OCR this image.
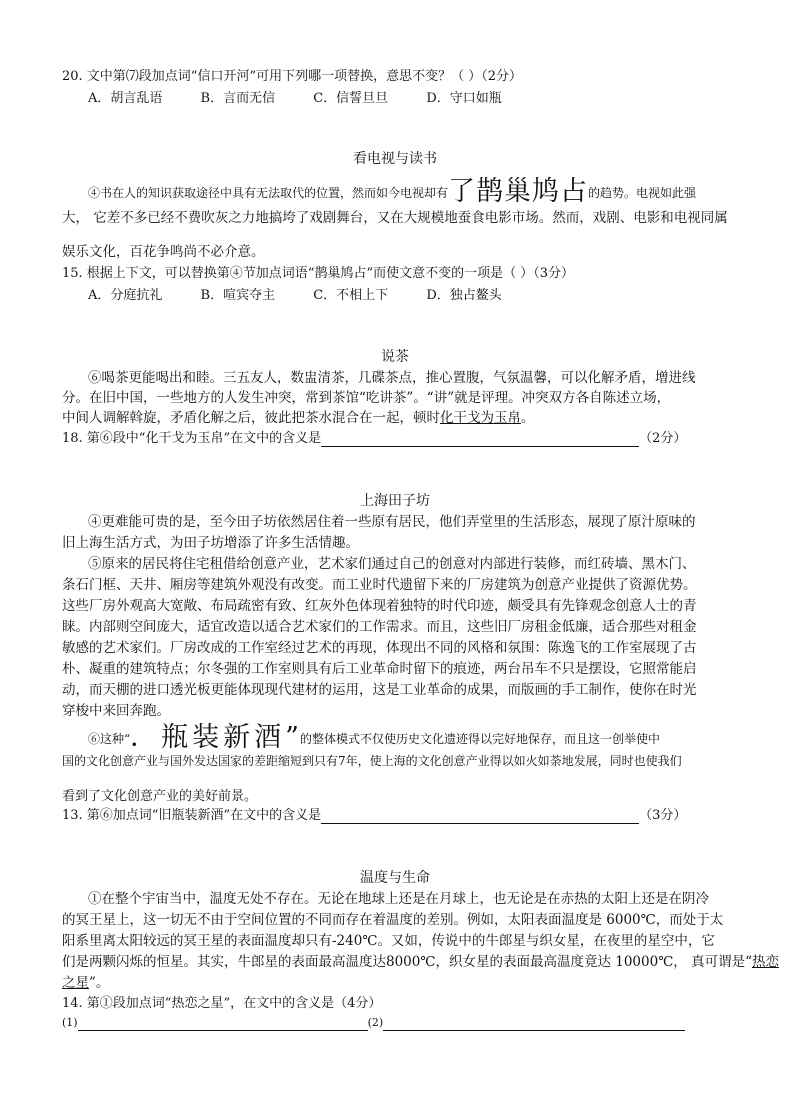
20. 文中第⑺段加点词“信口开河”可用下列哪一项替换，意思不变？（ ）（2分）
A．胡言乱语	B．言而无信	C．信誓旦旦	D．守口如瓶
看电视与读书
④书在人的知识获取途径中具有无法取代的位置，然而如今电视却有了鹊巢鸠占的趋势。电视如此强
大， 它差不多已经不费吹灰之力地搞垮了戏剧舞台，又在大规模地蚕食电影市场。然而，戏剧、电影和电视同属
娱乐文化，百花争鸣尚不必介意。
15. 根据上下文，可以替换第④节加点词语“鹊巢鸠占”而使文意不变的一项是（ ）（3分）
A．分庭抗礼	B．喧宾夺主	C．不相上下	D．独占鳌头
说茶
⑥喝茶更能喝出和睦。三五友人，数盅清茶，几碟茶点，推心置腹，气氛温馨，可以化解矛盾，增进线
分。在旧中国，一些地方的人发生冲突，常到茶馆“吃讲茶”。“讲”就是评理。冲突双方各自陈述立场，
中间人调解斡旋，矛盾化解之后，彼此把茶水混合在一起，顿时化干戈为玉帛。
18. 第⑥段中“化干戈为玉帛”在文中的含义是	（2分）
上海田子坊
④更难能可贵的是，至今田子坊依然居住着一些原有居民，他们弄堂里的生活形态，展现了原汁原味的
旧上海生活方式，为田子坊增添了许多生活情趣。
⑤原来的居民将住宅租借给创意产业，艺术家们通过自己的创意对内部进行装修，而红砖墙、黑木门、
条石门框、天井、厢房等建筑外观没有改变。而工业时代遗留下来的厂房建筑为创意产业提供了资源优势。
这些厂房外观高大宽敞、布局疏密有致、红灰外色体现着独特的时代印迹，颇受具有先锋观念创意人士的青
睐。内部则空间庞大，适宜改造以适合艺术家们的工作需求。而且，这些旧厂房租金低廉，适合那些对租金
敏感的艺术家们。厂房改成的工作室经过艺术的再现，体现出不同的风格和氛围：陈逸飞的工作室展现了古
朴、凝重的建筑特点；尔冬强的工作室则具有后工业革命时留下的痕迹，两台吊车不只是摆设，它照常能启
动，而天棚的进口透光板更能体现现代建材的运用，这是工业革命的成果，而版画的手工制作，使你在时光
穿梭中来回奔跑。
⑥这种“．瓶装新酒”的整体模式不仅使历史文化遗迹得以完好地保存，而且这一创举使中
国的文化创意产业与国外发达国家的差距缩短到只有7年，使上海的文化创意产业得以如火如荼地发展，同时也使我们
看到了文化创意产业的美好前景。
13. 第⑥加点词“旧瓶装新酒”在文中的含义是	（3分）
温度与生命
①在整个宇宙当中，温度无处不存在。无论在地球上还是在月球上，也无论是在赤热的太阳上还是在阴冷
的冥王星上，这一切无不由于空间位置的不同而存在着温度的差别。例如，太阳表面温度是 6000℃，而处于太
阳系里离太阳较远的冥王星的表面温度却只有-240℃。又如，传说中的牛郎星与织女星，在夜里的星空中，它
们是两颗闪烁的恒星。其实，牛郎星的表面最高温度达8000℃，织女星的表面最高温度竟达 10000℃， 真可谓是“热恋
之星”。
14. 第①段加点词“热恋之星”，在文中的含义是（4分）
(1)	(2)
